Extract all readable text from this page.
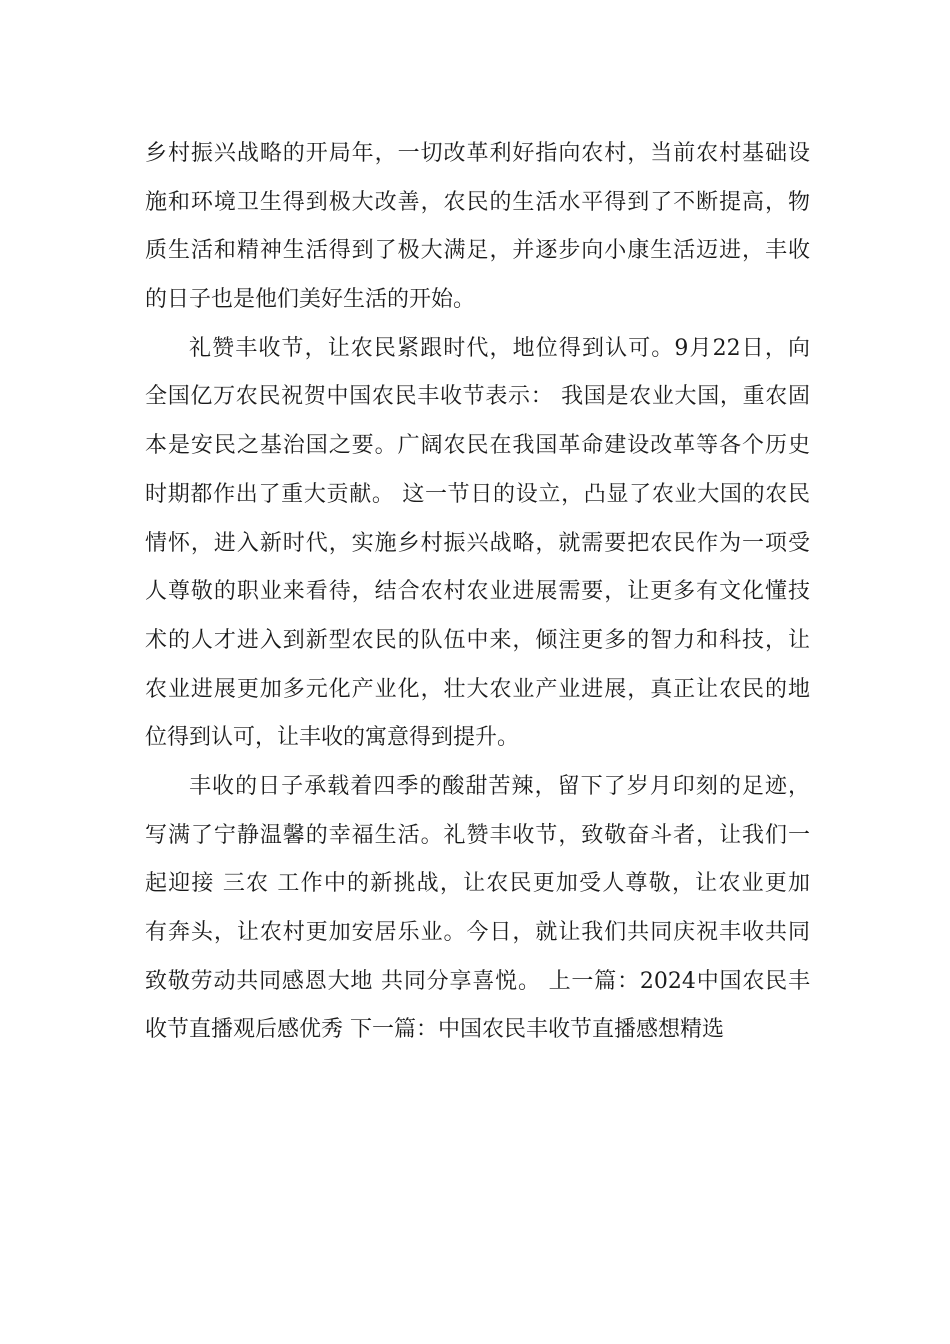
乡村振兴战略的开局年，一切改革利好指向农村，当前农村基础设
施和环境卫生得到极大改善，农民的生活水平得到了不断提高，物
质生活和精神生活得到了极大满足，并逐步向小康生活迈进，丰收
的日子也是他们美好生活的开始。
礼赞丰收节，让农民紧跟时代，地位得到认可。9月22日，向
全国亿万农民祝贺中国农民丰收节表示： 我国是农业大国，重农固
本是安民之基治国之要。广阔农民在我国革命建设改革等各个历史
时期都作出了重大贡献。 这一节日的设立，凸显了农业大国的农民
情怀，进入新时代，实施乡村振兴战略，就需要把农民作为一项受
人尊敬的职业来看待，结合农村农业进展需要，让更多有文化懂技
术的人才进入到新型农民的队伍中来，倾注更多的智力和科技，让
农业进展更加多元化产业化，壮大农业产业进展，真正让农民的地
位得到认可，让丰收的寓意得到提升。
丰收的日子承载着四季的酸甜苦辣，留下了岁月印刻的足迹，
写满了宁静温馨的幸福生活。礼赞丰收节，致敬奋斗者，让我们一
起迎接 三农 工作中的新挑战，让农民更加受人尊敬，让农业更加
有奔头，让农村更加安居乐业。今日，就让我们共同庆祝丰收共同
致敬劳动共同感恩大地 共同分享喜悦。 上一篇：2024中国农民丰
收节直播观后感优秀 下一篇：中国农民丰收节直播感想精选
